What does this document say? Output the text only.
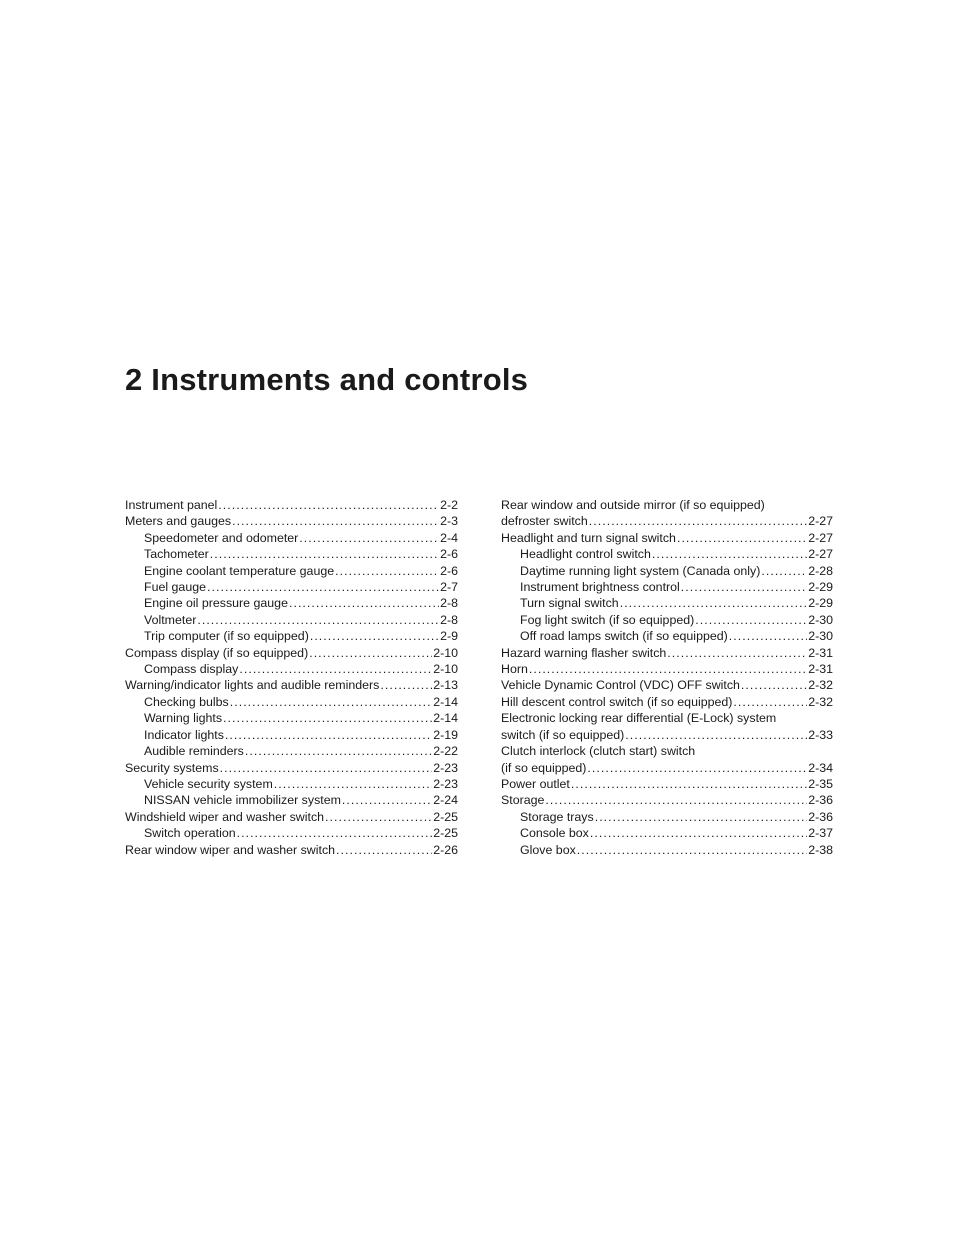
2 Instruments and controls
Instrument panel . . .	2-2
Meters and gauges . . .	2-3
Speedometer and odometer . . .	2-4
Tachometer . . .	2-6
Engine coolant temperature gauge . . .	2-6
Fuel gauge . . .	2-7
Engine oil pressure gauge . . .	2-8
Voltmeter . . .	2-8
Trip computer (if so equipped) . . .	2-9
Compass display (if so equipped) . . .	2-10
Compass display . . .	2-10
Warning/indicator lights and audible reminders . . .	2-13
Checking bulbs . . .	2-14
Warning lights . . .	2-14
Indicator lights . . .	2-19
Audible reminders . . .	2-22
Security systems . . .	2-23
Vehicle security system . . .	2-23
NISSAN vehicle immobilizer system . . .	2-24
Windshield wiper and washer switch . . .	2-25
Switch operation . . .	2-25
Rear window wiper and washer switch . . .	2-26
Rear window and outside mirror (if so equipped)
defroster switch . . .	2-27
Headlight and turn signal switch . . .	2-27
Headlight control switch . . .	2-27
Daytime running light system (Canada only) . . .	2-28
Instrument brightness control . . .	2-29
Turn signal switch . . .	2-29
Fog light switch (if so equipped) . . .	2-30
Off road lamps switch (if so equipped) . . .	2-30
Hazard warning flasher switch . . .	2-31
Horn . . .	2-31
Vehicle Dynamic Control (VDC) OFF switch . . .	2-32
Hill descent control switch (if so equipped) . . .	2-32
Electronic locking rear differential (E-Lock) system
switch (if so equipped) . . .	2-33
Clutch interlock (clutch start) switch
(if so equipped) . . .	2-34
Power outlet . . .	2-35
Storage . . .	2-36
Storage trays . . .	2-36
Console box . . .	2-37
Glove box . . .	2-38
